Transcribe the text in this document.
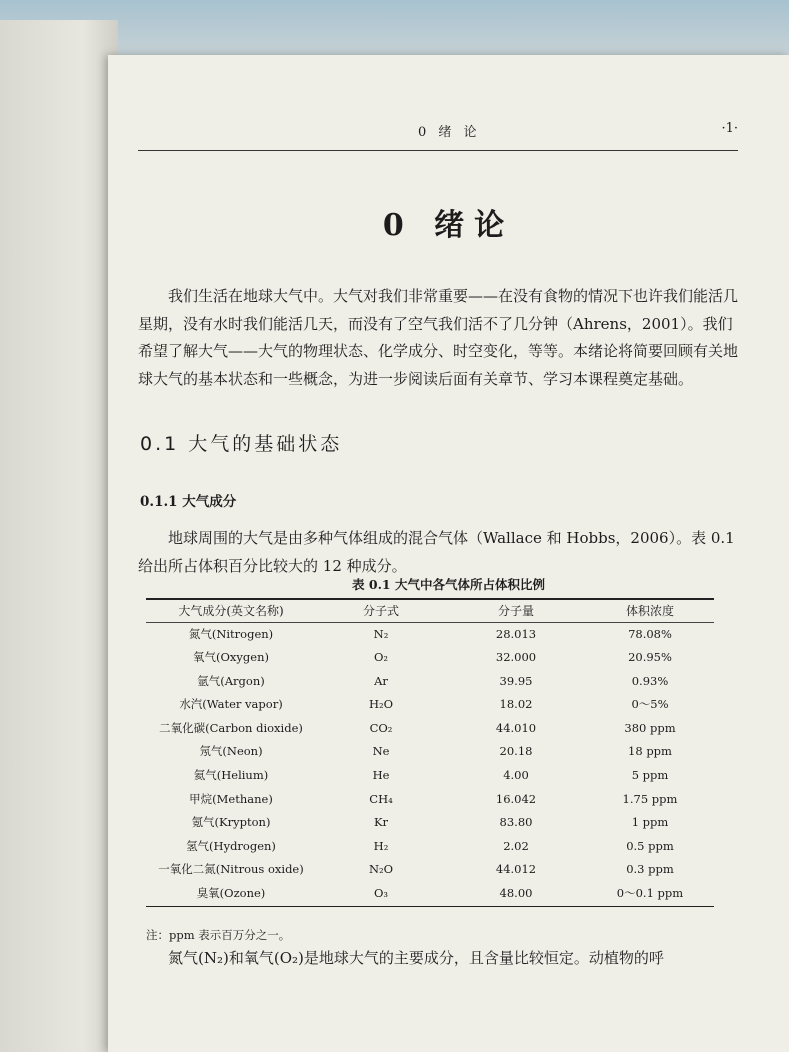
0 绪 论	·1·
0 绪论

我们生活在地球大气中。大气对我们非常重要——在没有食物的情况下也许我们能活几星期，没有水时我们能活几天，而没有了空气我们活不了几分钟（Ahrens，2001）。我们希望了解大气——大气的物理状态、化学成分、时空变化，等等。本绪论将简要回顾有关地球大气的基本状态和一些概念，为进一步阅读后面有关章节、学习本课程奠定基础。

0.1 大气的基础状态
0.1.1 大气成分

地球周围的大气是由多种气体组成的混合气体（Wallace 和 Hobbs，2006）。表 0.1给出所占体积百分比较大的 12 种成分。

表 0.1 大气中各气体所占体积比例
大气成分(英文名称)	分子式	分子量	体积浓度
氮气(Nitrogen)	N₂	28.013	78.08%
氧气(Oxygen)	O₂	32.000	20.95%
氩气(Argon)	Ar	39.95	0.93%
水汽(Water vapor)	H₂O	18.02	0～5%
二氧化碳(Carbon dioxide)	CO₂	44.010	380 ppm
氖气(Neon)	Ne	20.18	18 ppm
氦气(Helium)	He	4.00	5 ppm
甲烷(Methane)	CH₄	16.042	1.75 ppm
氪气(Krypton)	Kr	83.80	1 ppm
氢气(Hydrogen)	H₂	2.02	0.5 ppm
一氧化二氮(Nitrous oxide)	N₂O	44.012	0.3 ppm
臭氧(Ozone)	O₃	48.00	0～0.1 ppm
注：ppm 表示百万分之一。

氮气(N₂)和氧气(O₂)是地球大气的主要成分，且含量比较恒定。动植物的呼
